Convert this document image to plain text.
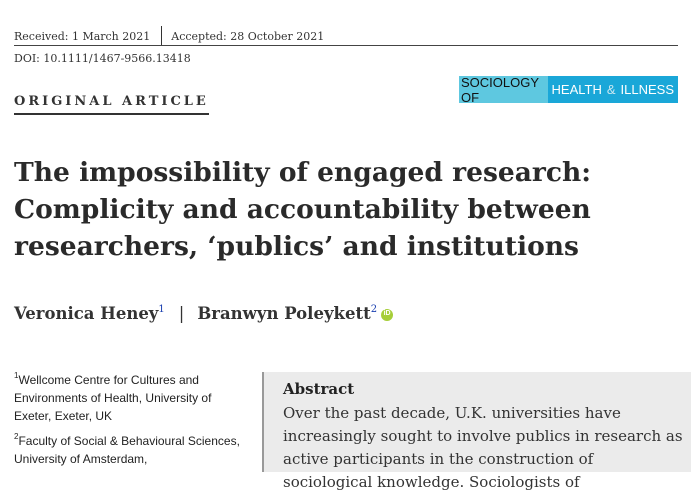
Received: 1 March 2021 Accepted: 28 October 2021
DOI: 10.1111/1467-9566.13418
SOCIOLOGY OF	HEALTH & ILLNESS
ORIGINAL ARTICLE
The impossibility of engaged research: Complicity and accountability between researchers, ‘publics’ and institutions
Veronica Heney$^1$ | Branwyn Poleykett$^2$
iD

$^1$Wellcome Centre for Cultures and Environments of Health, University of Exeter, Exeter, UK

$^2$Faculty of Social & Behavioural Sciences, University of Amsterdam,

Abstract

Over the past decade, U.K. universities have increasingly sought to involve publics in research as active participants in the construction of sociological knowledge. Sociologists of
